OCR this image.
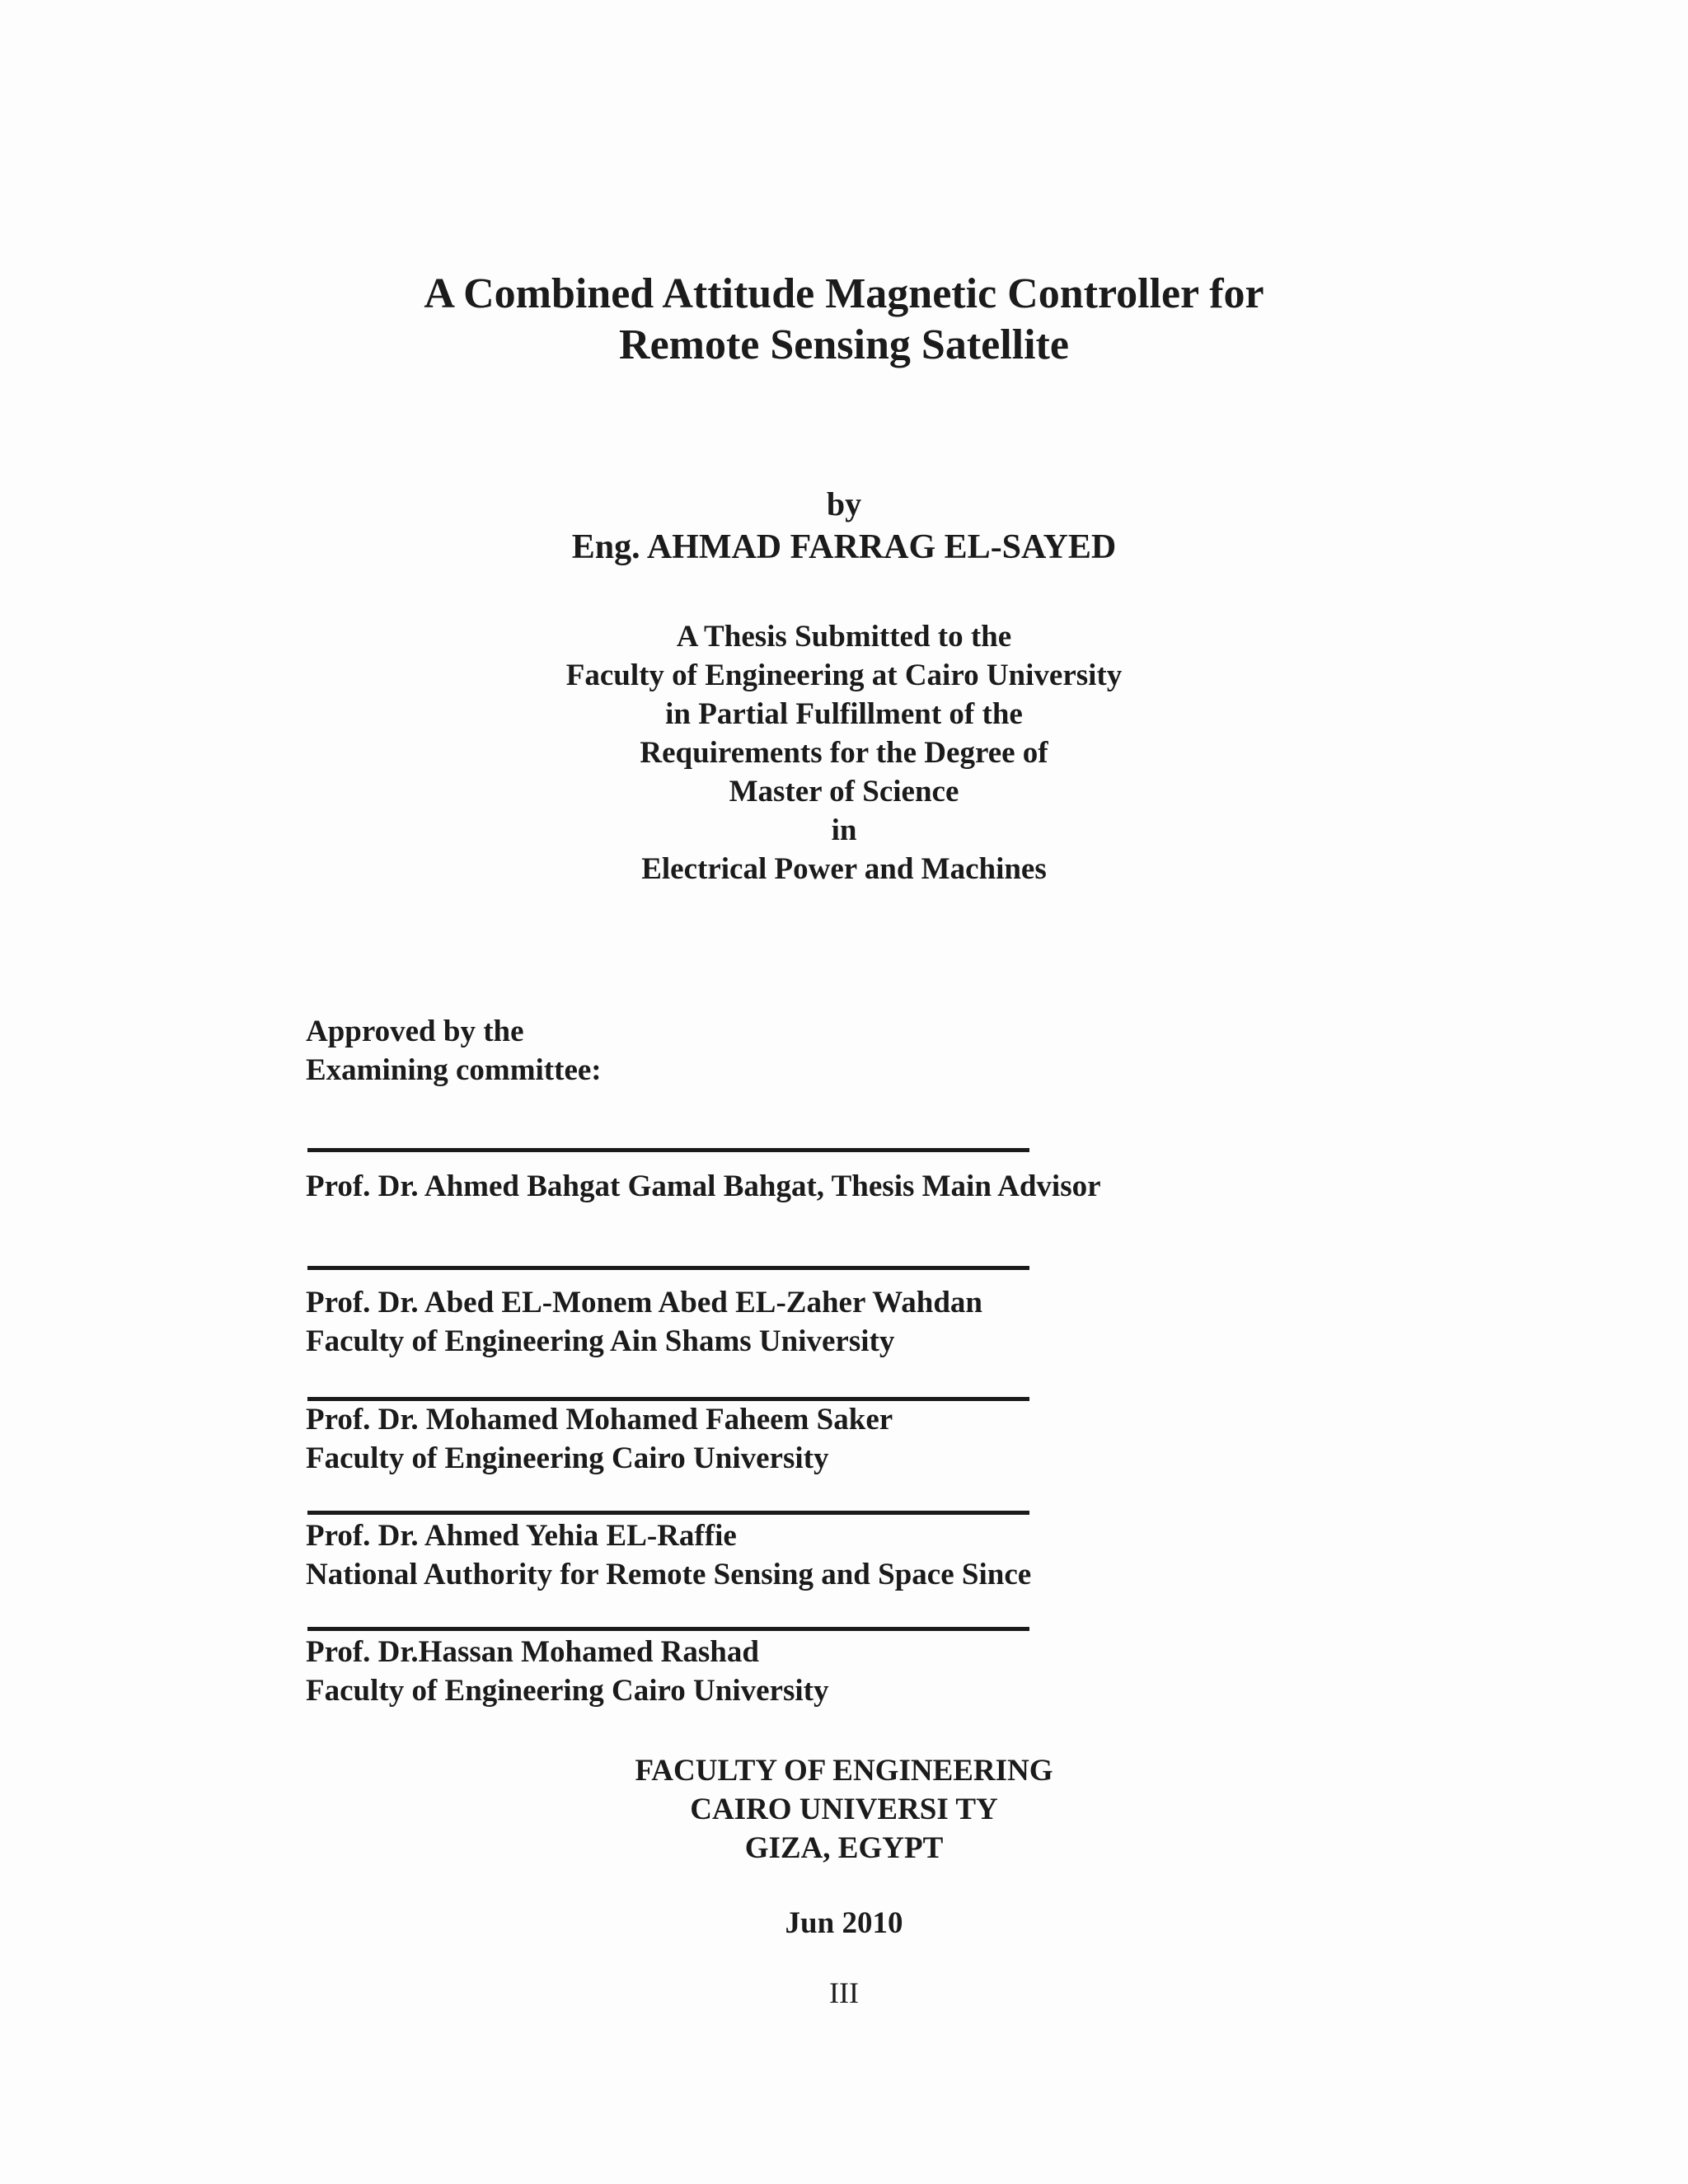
A Combined Attitude Magnetic Controller for
Remote Sensing Satellite
by
Eng. AHMAD FARRAG EL-SAYED
A Thesis Submitted to the
Faculty of Engineering at Cairo University
in Partial Fulfillment of the
Requirements for the Degree of
Master of Science
in
Electrical Power and Machines
Approved by the
Examining committee:
Prof. Dr. Ahmed Bahgat Gamal Bahgat, Thesis Main Advisor
Prof. Dr. Abed EL-Monem Abed EL-Zaher Wahdan
Faculty of Engineering Ain Shams University
Prof. Dr. Mohamed Mohamed Faheem Saker
Faculty of Engineering Cairo University
Prof. Dr. Ahmed Yehia EL-Raffie
National Authority for Remote Sensing and Space Since
Prof. Dr.Hassan Mohamed Rashad
Faculty of Engineering Cairo University
FACULTY OF ENGINEERING
CAIRO UNIVERSI TY
GIZA, EGYPT
Jun 2010
III
